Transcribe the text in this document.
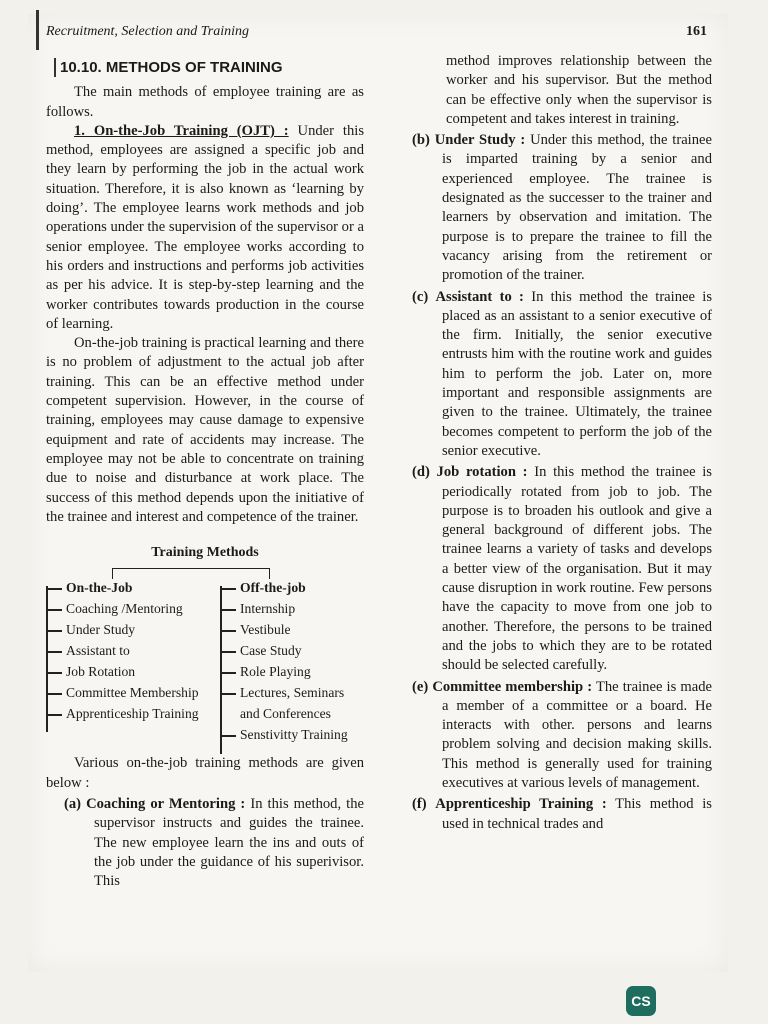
Recruitment, Selection and Training	161
10.10. METHODS OF TRAINING

The main methods of employee training are as follows.

1. On-the-Job Training (OJT) : Under this method, employees are assigned a specific job and they learn by performing the job in the actual work situation. Therefore, it is also known as ‘learning by doing’. The employee learns work methods and job operations under the supervision of the supervisor or a senior employee. The employee works according to his orders and instructions and performs job activities as per his advice. It is step-by-step learning and the worker contributes towards production in the course of learning.

On-the-job training is practical learning and there is no problem of adjustment to the actual job after training. This can be an effective method under competent supervision. However, in the course of training, employees may cause damage to expensive equipment and rate of accidents may increase. The employee may not be able to concentrate on training due to noise and disturbance at work place. The success of this method depends upon the initiative of the trainee and interest and competence of the trainer.

Training Methods
On-the-Job
Coaching /Mentoring
Under Study
Assistant to
Job Rotation
Committee Membership
Apprenticeship Training
Off-the-job
Internship
Vestibule
Case Study
Role Playing
Lectures, Seminars
and Conferences
Senstivitty Training

Various on-the-job training methods are given below :

(a) Coaching or Mentoring : In this method, the supervisor instructs and guides the trainee. The new employee learn the ins and outs of the job under the guidance of his superivisor. This

method improves relationship between the worker and his supervisor. But the method can be effective only when the supervisor is competent and takes interest in training.

(b) Under Study : Under this method, the trainee is imparted training by a senior and experienced employee. The trainee is designated as the successer to the trainer and learners by observation and imitation. The purpose is to prepare the trainee to fill the vacancy arising from the retirement or promotion of the trainer.

(c) Assistant to : In this method the trainee is placed as an assistant to a senior executive of the firm. Initially, the senior executive entrusts him with the routine work and guides him to perform the job. Later on, more important and responsible assignments are given to the trainee. Ultimately, the trainee becomes competent to perform the job of the senior executive.

(d) Job rotation : In this method the trainee is periodically rotated from job to job. The purpose is to broaden his outlook and give a general background of different jobs. The trainee learns a variety of tasks and develops a better view of the organisation. But it may cause disruption in work routine. Few persons have the capacity to move from one job to another. Therefore, the persons to be trained and the jobs to which they are to be rotated should be selected carefully.

(e) Committee membership : The trainee is made a member of a committee or a board. He interacts with other. persons and learns problem solving and decision making skills. This method is generally used for training executives at various levels of management.

(f) Apprenticeship Training : This method is used in technical trades and

CS
